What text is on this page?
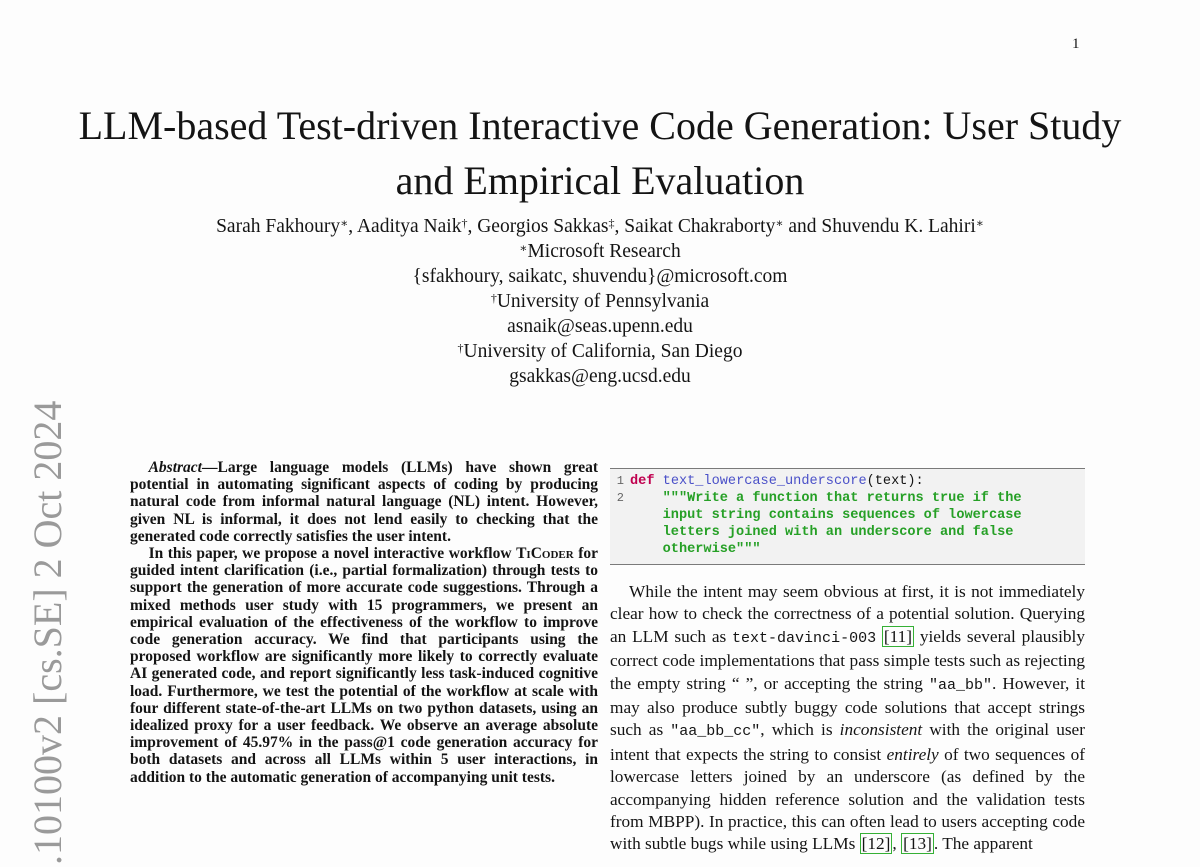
1
LLM-based Test-driven Interactive Code Generation: User Study and Empirical Evaluation
Sarah Fakhoury∗, Aaditya Naik†, Georgios Sakkas‡, Saikat Chakraborty∗ and Shuvendu K. Lahiri∗
∗Microsoft Research
{sfakhoury, saikatc, shuvendu}@microsoft.com
†University of Pennsylvania
asnaik@seas.upenn.edu
†University of California, San Diego
gsakkas@eng.ucsd.edu
.10100v2 [cs.SE] 2 Oct 2024	Abstract—Large language models (LLMs) have shown great potential in automating significant aspects of coding by producing natural code from informal natural language (NL) intent. However, given NL is informal, it does not lend easily to checking that the generated code correctly satisfies the user intent.

In this paper, we propose a novel interactive workflow TiCoder for guided intent clarification (i.e., partial formalization) through tests to support the generation of more accurate code suggestions. Through a mixed methods user study with 15 programmers, we present an empirical evaluation of the effectiveness of the workflow to improve code generation accuracy. We find that participants using the proposed workflow are significantly more likely to correctly evaluate AI generated code, and report significantly less task-induced cognitive load. Furthermore, we test the potential of the workflow at scale with four different state-of-the-art LLMs on two python datasets, using an idealized proxy for a user feedback. We observe an average absolute improvement of 45.97% in the pass@1 code generation accuracy for both datasets and across all LLMs within 5 user interactions, in addition to the automatic generation of accompanying unit tests.

1 def text_lowercase_underscore(text):
2	"""Write a function that returns true if the
input string contains sequences of lowercase
letters joined with an underscore and false
otherwise"""

While the intent may seem obvious at first, it is not immediately clear how to check the correctness of a potential solution. Querying an LLM such as text-davinci-003 [11] yields several plausibly correct code implementations that pass simple tests such as rejecting the empty string “ ”, or accepting the string "aa_bb". However, it may also produce subtly buggy code solutions that accept strings such as "aa_bb_cc", which is inconsistent with the original user intent that expects the string to consist entirely of two sequences of lowercase letters joined by an underscore (as defined by the accompanying hidden reference solution and the validation tests from MBPP). In practice, this can often lead to users accepting code with subtle bugs while using LLMs [12] , [13] . The apparent
